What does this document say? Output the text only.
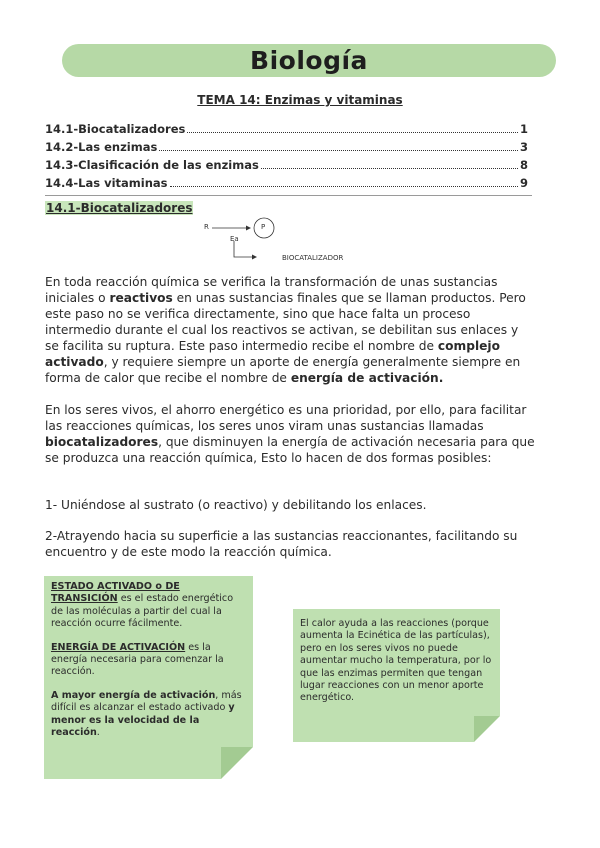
Biología
TEMA 14: Enzimas y vitaminas
14.1-Biocatalizadores	1
14.2-Las enzimas	3
14.3-Clasificación de las enzimas	8
14.4-Las vitaminas	9
14.1-Biocatalizadores
R
Ea
P
BIOCATALIZADOR

En toda reacción química se verifica la transformación de unas sustancias iniciales o reactivos en unas sustancias finales que se llaman productos. Pero este paso no se verifica directamente, sino que hace falta un proceso intermedio durante el cual los reactivos se activan, se debilitan sus enlaces y se facilita su ruptura. Este paso intermedio recibe el nombre de complejo activado, y requiere siempre un aporte de energía generalmente siempre en forma de calor que recibe el nombre de energía de activación.

En los seres vivos, el ahorro energético es una prioridad, por ello, para facilitar las reacciones químicas, los seres unos viram unas sustancias llamadas biocatalizadores, que disminuyen la energía de activación necesaria para que se produzca una reacción química, Esto lo hacen de dos formas posibles:

1- Uniéndose al sustrato (o reactivo) y debilitando los enlaces.

2-Atrayendo hacia su superficie a las sustancias reaccionantes, facilitando su encuentro y de este modo la reacción química.

ESTADO ACTIVADO o DE TRANSICIÓN es el estado energético de las moléculas a partir del cual la reacción ocurre fácilmente.

ENERGÍA DE ACTIVACIÓN es la energía necesaria para comenzar la reacción.

A mayor energía de activación, más difícil es alcanzar el estado activado y menor es la velocidad de la reacción.

El calor ayuda a las reacciones (porque aumenta la Ecinética de las partículas), pero en los seres vivos no puede aumentar mucho la temperatura, por lo que las enzimas permiten que tengan lugar reacciones con un menor aporte energético.
